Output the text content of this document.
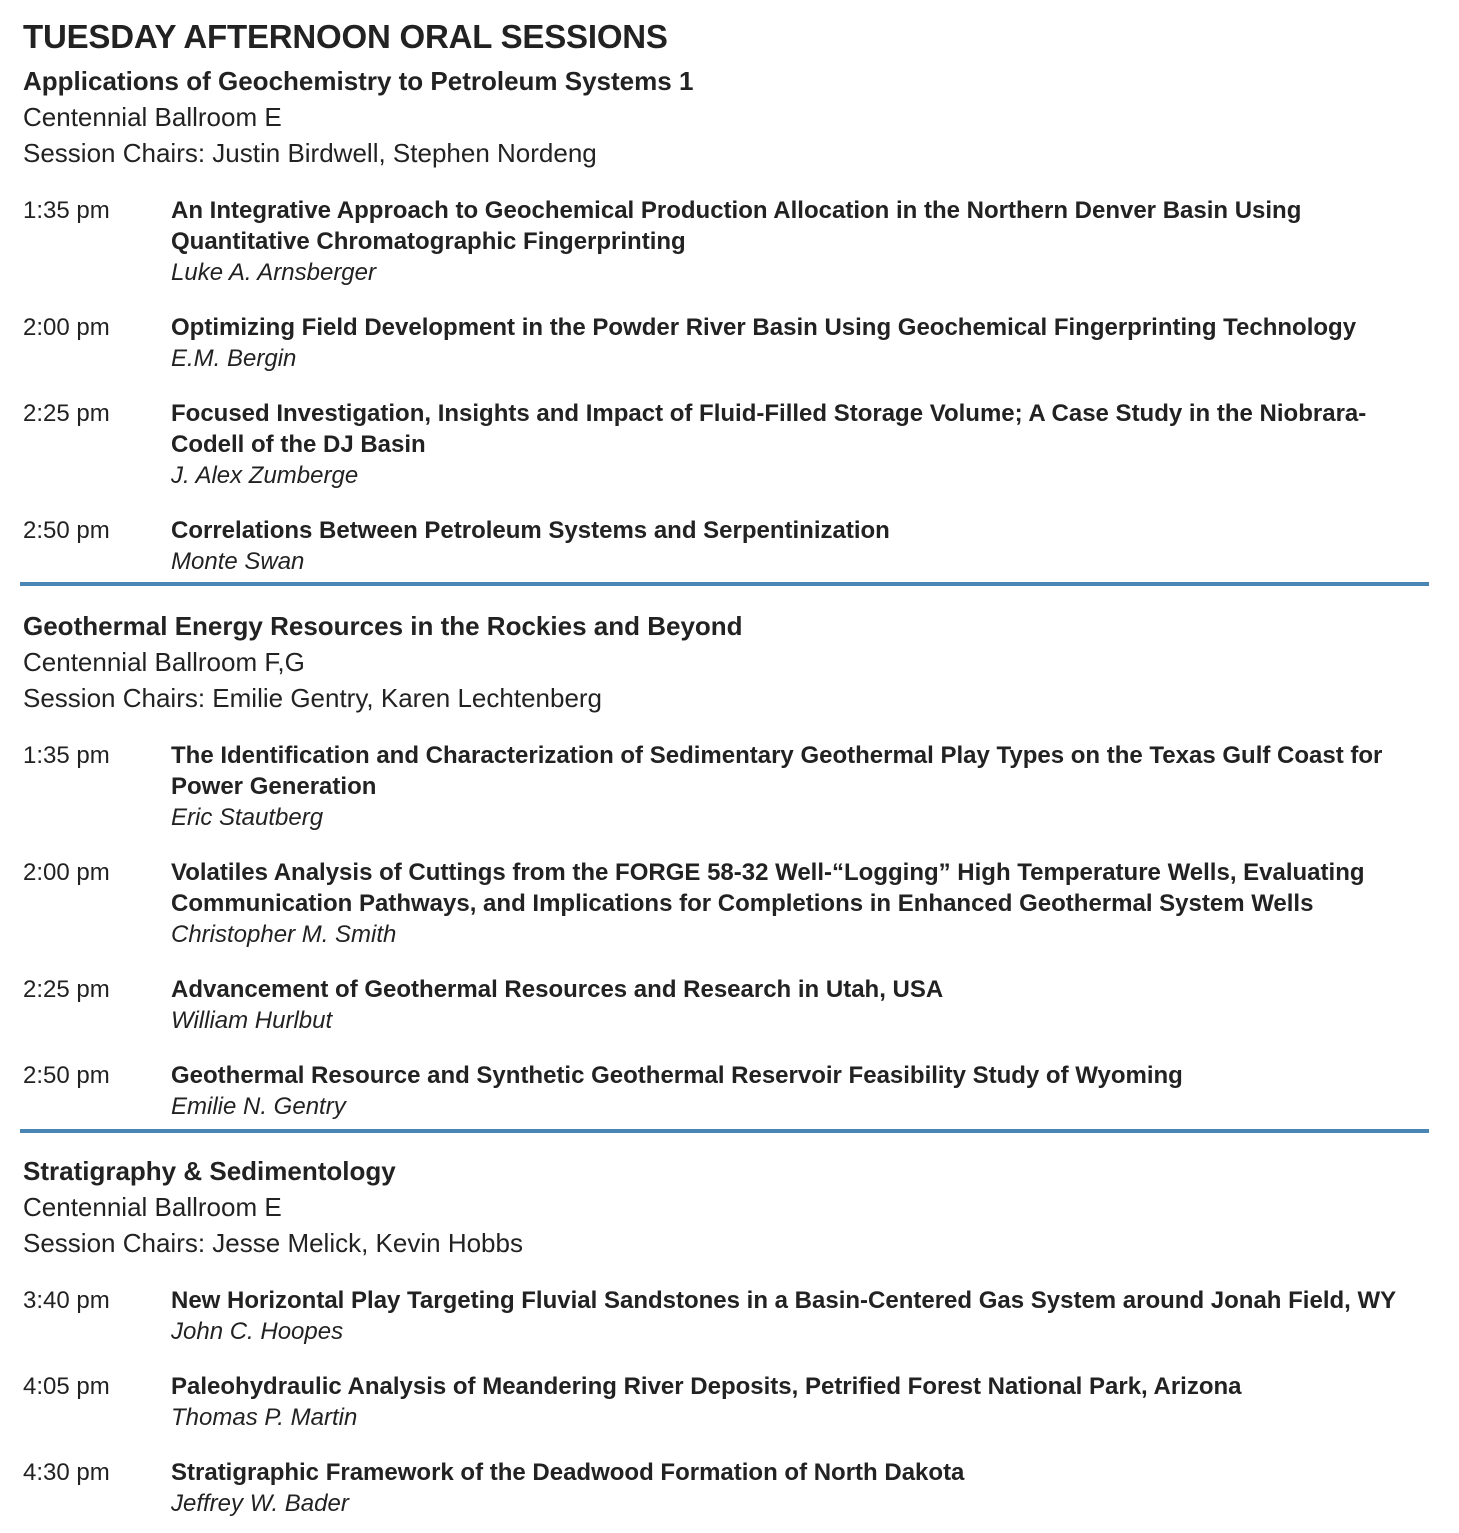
TUESDAY AFTERNOON ORAL SESSIONS
Applications of Geochemistry to Petroleum Systems 1
Centennial Ballroom E
Session Chairs: Justin Birdwell, Stephen Nordeng
1:35 pm	An Integrative Approach to Geochemical Production Allocation in the Northern Denver Basin Using Quantitative Chromatographic Fingerprinting
Luke A. Arnsberger
2:00 pm	Optimizing Field Development in the Powder River Basin Using Geochemical Fingerprinting Technology
E.M. Bergin
2:25 pm	Focused Investigation, Insights and Impact of Fluid-Filled Storage Volume; A Case Study in the Niobrara-Codell of the DJ Basin
J. Alex Zumberge
2:50 pm	Correlations Between Petroleum Systems and Serpentinization
Monte Swan
Geothermal Energy Resources in the Rockies and Beyond
Centennial Ballroom F,G
Session Chairs: Emilie Gentry, Karen Lechtenberg
1:35 pm	The Identification and Characterization of Sedimentary Geothermal Play Types on the Texas Gulf Coast for Power Generation
Eric Stautberg
2:00 pm	Volatiles Analysis of Cuttings from the FORGE 58-32 Well-“Logging” High Temperature Wells, Evaluating Communication Pathways, and Implications for Completions in Enhanced Geothermal System Wells
Christopher M. Smith
2:25 pm	Advancement of Geothermal Resources and Research in Utah, USA
William Hurlbut
2:50 pm	Geothermal Resource and Synthetic Geothermal Reservoir Feasibility Study of Wyoming
Emilie N. Gentry
Stratigraphy & Sedimentology
Centennial Ballroom E
Session Chairs: Jesse Melick, Kevin Hobbs
3:40 pm	New Horizontal Play Targeting Fluvial Sandstones in a Basin-Centered Gas System around Jonah Field, WY
John C. Hoopes
4:05 pm	Paleohydraulic Analysis of Meandering River Deposits, Petrified Forest National Park, Arizona
Thomas P. Martin
4:30 pm	Stratigraphic Framework of the Deadwood Formation of North Dakota
Jeffrey W. Bader
